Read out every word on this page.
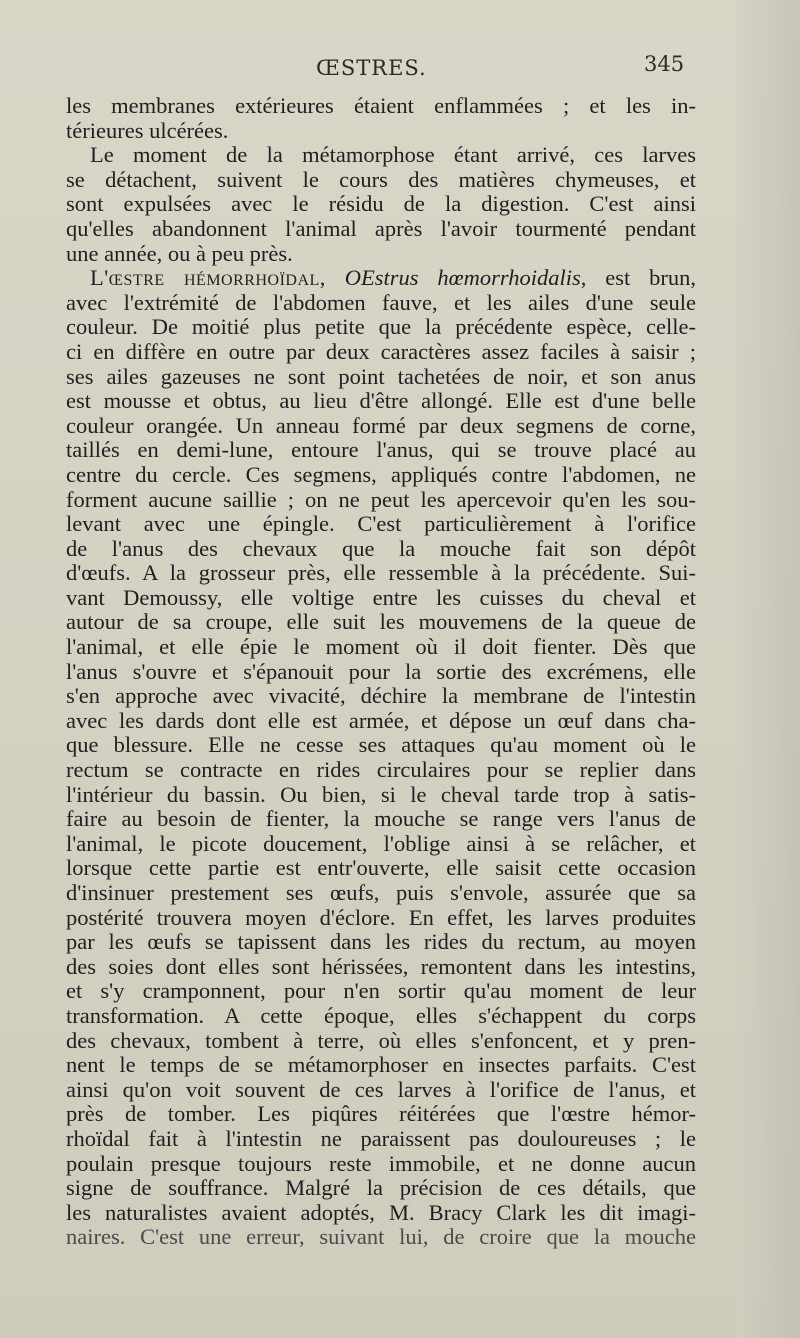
ŒSTRES.	345
les membranes extérieures étaient enflammées ; et les in-
térieures ulcérées.
Le moment de la métamorphose étant arrivé, ces larves
se détachent, suivent le cours des matières chymeuses, et
sont expulsées avec le résidu de la digestion. C'est ainsi
qu'elles abandonnent l'animal après l'avoir tourmenté pendant
une année, ou à peu près.
L'œstre hémorrhoïdal, OEstrus hœmorrhoidalis, est brun,
avec l'extrémité de l'abdomen fauve, et les ailes d'une seule
couleur. De moitié plus petite que la précédente espèce, celle-
ci en diffère en outre par deux caractères assez faciles à saisir ;
ses ailes gazeuses ne sont point tachetées de noir, et son anus
est mousse et obtus, au lieu d'être allongé. Elle est d'une belle
couleur orangée. Un anneau formé par deux segmens de corne,
taillés en demi-lune, entoure l'anus, qui se trouve placé au
centre du cercle. Ces segmens, appliqués contre l'abdomen, ne
forment aucune saillie ; on ne peut les apercevoir qu'en les sou-
levant avec une épingle. C'est particulièrement à l'orifice
de l'anus des chevaux que la mouche fait son dépôt
d'œufs. A la grosseur près, elle ressemble à la précédente. Sui-
vant Demoussy, elle voltige entre les cuisses du cheval et
autour de sa croupe, elle suit les mouvemens de la queue de
l'animal, et elle épie le moment où il doit fienter. Dès que
l'anus s'ouvre et s'épanouit pour la sortie des excrémens, elle
s'en approche avec vivacité, déchire la membrane de l'intestin
avec les dards dont elle est armée, et dépose un œuf dans cha-
que blessure. Elle ne cesse ses attaques qu'au moment où le
rectum se contracte en rides circulaires pour se replier dans
l'intérieur du bassin. Ou bien, si le cheval tarde trop à satis-
faire au besoin de fienter, la mouche se range vers l'anus de
l'animal, le picote doucement, l'oblige ainsi à se relâcher, et
lorsque cette partie est entr'ouverte, elle saisit cette occasion
d'insinuer prestement ses œufs, puis s'envole, assurée que sa
postérité trouvera moyen d'éclore. En effet, les larves produites
par les œufs se tapissent dans les rides du rectum, au moyen
des soies dont elles sont hérissées, remontent dans les intestins,
et s'y cramponnent, pour n'en sortir qu'au moment de leur
transformation. A cette époque, elles s'échappent du corps
des chevaux, tombent à terre, où elles s'enfoncent, et y pren-
nent le temps de se métamorphoser en insectes parfaits. C'est
ainsi qu'on voit souvent de ces larves à l'orifice de l'anus, et
près de tomber. Les piqûres réitérées que l'œstre hémor-
rhoïdal fait à l'intestin ne paraissent pas douloureuses ; le
poulain presque toujours reste immobile, et ne donne aucun
signe de souffrance. Malgré la précision de ces détails, que
les naturalistes avaient adoptés, M. Bracy Clark les dit imagi-
naires. C'est une erreur, suivant lui, de croire que la mouche
